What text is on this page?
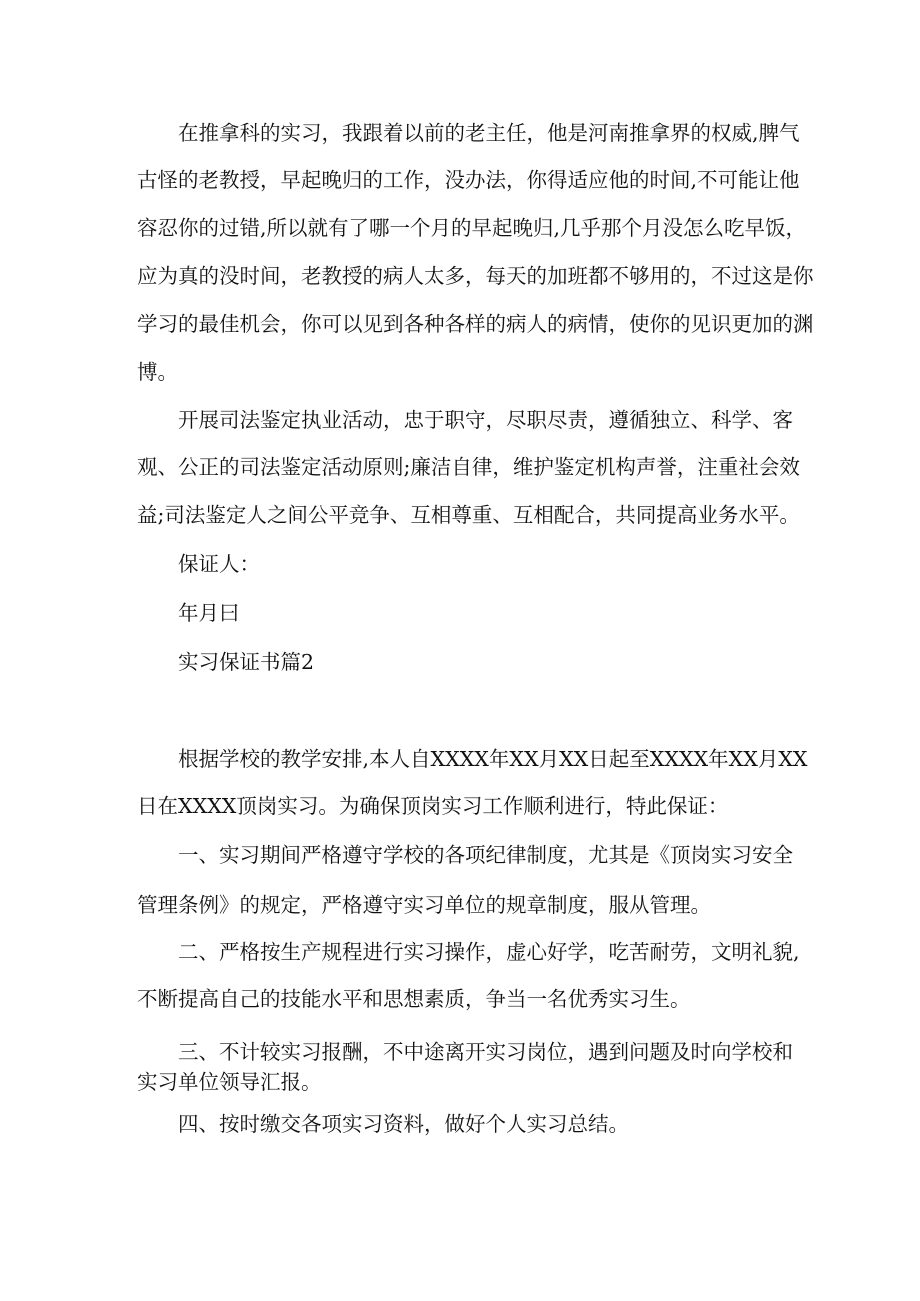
在推拿科的实习，我跟着以前的老主任，他是河南推拿界的权威,脾气
古怪的老教授，早起晚归的工作，没办法，你得适应他的时间,不可能让他
容忍你的过错,所以就有了哪一个月的早起晚归,几乎那个月没怎么吃早饭，
应为真的没时间，老教授的病人太多，每天的加班都不够用的，不过这是你
学习的最佳机会，你可以见到各种各样的病人的病情，使你的见识更加的渊
博。
开展司法鉴定执业活动，忠于职守，尽职尽责，遵循独立、科学、客
观、公正的司法鉴定活动原则;廉洁自律，维护鉴定机构声誉，注重社会效
益;司法鉴定人之间公平竞争、互相尊重、互相配合，共同提高业务水平。
保证人：
年月曰
实习保证书篇2
根据学校的教学安排,本人自XXXX年XX月XX日起至XXXX年XX月XX
日在XXXX顶岗实习。为确保顶岗实习工作顺利进行，特此保证：
一、实习期间严格遵守学校的各项纪律制度，尤其是《顶岗实习安全
管理条例》的规定，严格遵守实习单位的规章制度，服从管理。
二、严格按生产规程进行实习操作，虚心好学，吃苦耐劳，文明礼貌,
不断提高自己的技能水平和思想素质，争当一名优秀实习生。
三、不计较实习报酬，不中途离开实习岗位，遇到问题及时向学校和
实习单位领导汇报。
四、按时缴交各项实习资料，做好个人实习总结。
